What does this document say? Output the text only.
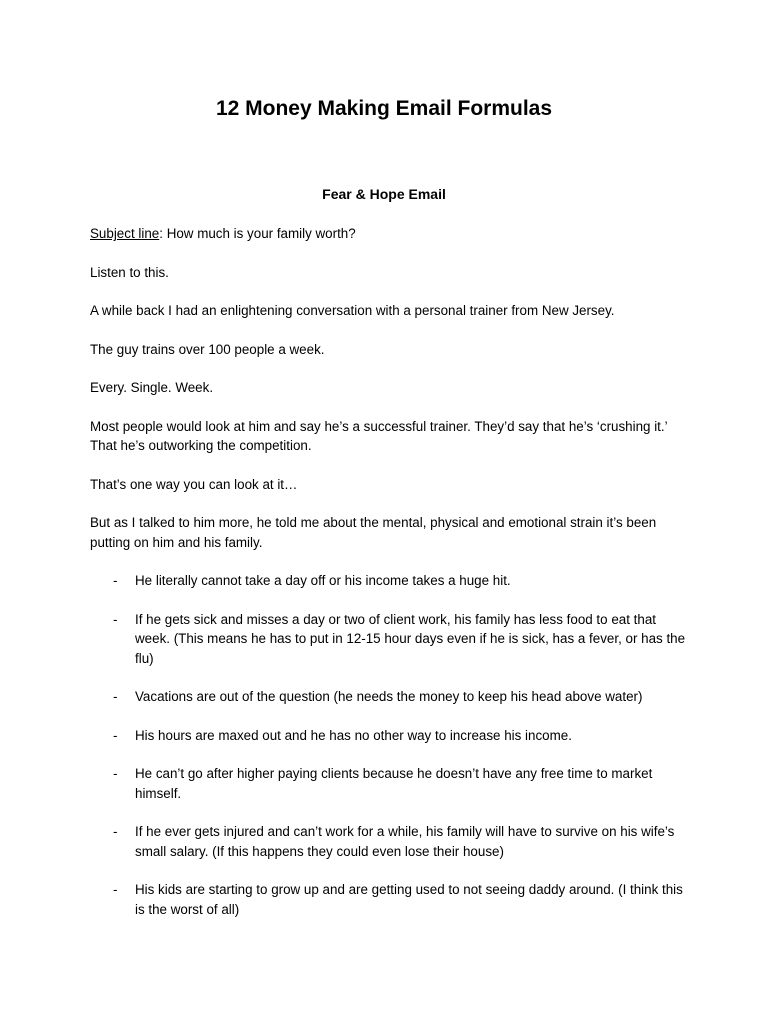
12 Money Making Email Formulas
Fear & Hope Email

Subject line: How much is your family worth?

Listen to this.

A while back I had an enlightening conversation with a personal trainer from New Jersey.

The guy trains over 100 people a week.

Every. Single. Week.

Most people would look at him and say he’s a successful trainer. They’d say that he’s ‘crushing it.’ That he’s outworking the competition.

That’s one way you can look at it…

But as I talked to him more, he told me about the mental, physical and emotional strain it’s been putting on him and his family.

- He literally cannot take a day off or his income takes a huge hit.
- If he gets sick and misses a day or two of client work, his family has less food to eat that week. (This means he has to put in 12-15 hour days even if he is sick, has a fever, or has the flu)
- Vacations are out of the question (he needs the money to keep his head above water)
- His hours are maxed out and he has no other way to increase his income.
- He can’t go after higher paying clients because he doesn’t have any free time to market himself.
- If he ever gets injured and can’t work for a while, his family will have to survive on his wife’s small salary. (If this happens they could even lose their house)
- His kids are starting to grow up and are getting used to not seeing daddy around. (I think this is the worst of all)
